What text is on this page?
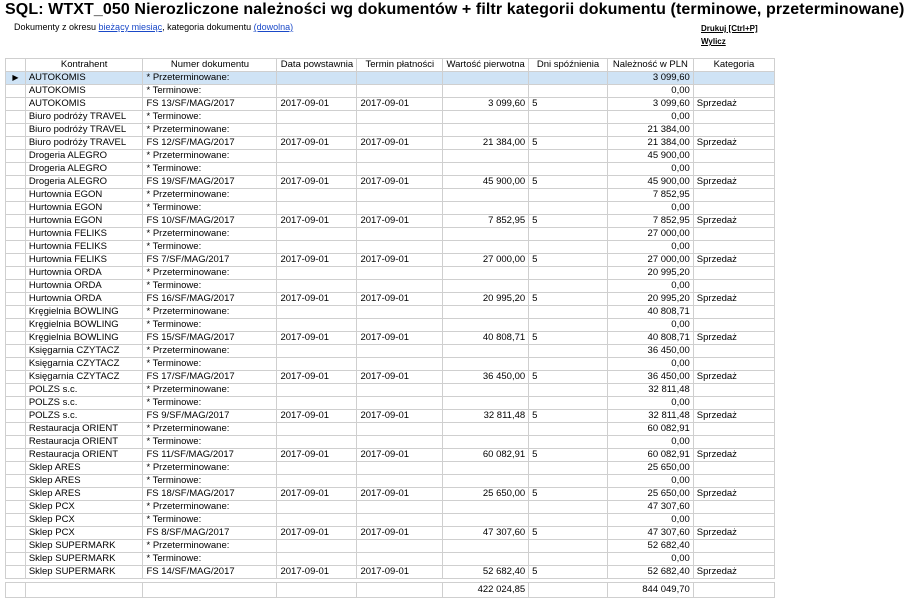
SQL: WTXT_050 Nierozliczone należności wg dokumentów + filtr kategorii dokumentu (terminowe, przeterminowane)
Dokumenty z okresu bieżący miesiąc, kategoria dokumentu (dowolna)	Drukuj [Ctrl+P]
Wylicz
	Kontrahent	Numer dokumentu	Data powstawnia	Termin płatności	Wartość pierwotna	Dni spóźnienia	Należność w PLN	Kategoria
▶	AUTOKOMIS	* Przeterminowane:					3 099,60	
	AUTOKOMIS	* Terminowe:					0,00	
	AUTOKOMIS	FS 13/SF/MAG/2017	2017-09-01	2017-09-01	3 099,60	5	3 099,60	Sprzedaż
	Biuro podróży TRAVEL	* Terminowe:					0,00	
	Biuro podróży TRAVEL	* Przeterminowane:					21 384,00	
	Biuro podróży TRAVEL	FS 12/SF/MAG/2017	2017-09-01	2017-09-01	21 384,00	5	21 384,00	Sprzedaż
	Drogeria ALEGRO	* Przeterminowane:					45 900,00	
	Drogeria ALEGRO	* Terminowe:					0,00	
	Drogeria ALEGRO	FS 19/SF/MAG/2017	2017-09-01	2017-09-01	45 900,00	5	45 900,00	Sprzedaż
	Hurtownia EGON	* Przeterminowane:					7 852,95	
	Hurtownia EGON	* Terminowe:					0,00	
	Hurtownia EGON	FS 10/SF/MAG/2017	2017-09-01	2017-09-01	7 852,95	5	7 852,95	Sprzedaż
	Hurtownia FELIKS	* Przeterminowane:					27 000,00	
	Hurtownia FELIKS	* Terminowe:					0,00	
	Hurtownia FELIKS	FS 7/SF/MAG/2017	2017-09-01	2017-09-01	27 000,00	5	27 000,00	Sprzedaż
	Hurtownia ORDA	* Przeterminowane:					20 995,20	
	Hurtownia ORDA	* Terminowe:					0,00	
	Hurtownia ORDA	FS 16/SF/MAG/2017	2017-09-01	2017-09-01	20 995,20	5	20 995,20	Sprzedaż
	Kręgielnia BOWLING	* Przeterminowane:					40 808,71	
	Kręgielnia BOWLING	* Terminowe:					0,00	
	Kręgielnia BOWLING	FS 15/SF/MAG/2017	2017-09-01	2017-09-01	40 808,71	5	40 808,71	Sprzedaż
	Księgarnia CZYTACZ	* Przeterminowane:					36 450,00	
	Księgarnia CZYTACZ	* Terminowe:					0,00	
	Księgarnia CZYTACZ	FS 17/SF/MAG/2017	2017-09-01	2017-09-01	36 450,00	5	36 450,00	Sprzedaż
	POLZS s.c.	* Przeterminowane:					32 811,48	
	POLZS s.c.	* Terminowe:					0,00	
	POLZS s.c.	FS 9/SF/MAG/2017	2017-09-01	2017-09-01	32 811,48	5	32 811,48	Sprzedaż
	Restauracja ORIENT	* Przeterminowane:					60 082,91	
	Restauracja ORIENT	* Terminowe:					0,00	
	Restauracja ORIENT	FS 11/SF/MAG/2017	2017-09-01	2017-09-01	60 082,91	5	60 082,91	Sprzedaż
	Sklep ARES	* Przeterminowane:					25 650,00	
	Sklep ARES	* Terminowe:					0,00	
	Sklep ARES	FS 18/SF/MAG/2017	2017-09-01	2017-09-01	25 650,00	5	25 650,00	Sprzedaż
	Sklep PCX	* Przeterminowane:					47 307,60	
	Sklep PCX	* Terminowe:					0,00	
	Sklep PCX	FS 8/SF/MAG/2017	2017-09-01	2017-09-01	47 307,60	5	47 307,60	Sprzedaż
	Sklep SUPERMARK	* Przeterminowane:					52 682,40	
	Sklep SUPERMARK	* Terminowe:					0,00	
	Sklep SUPERMARK	FS 14/SF/MAG/2017	2017-09-01	2017-09-01	52 682,40	5	52 682,40	Sprzedaż

					422 024,85		844 049,70	
